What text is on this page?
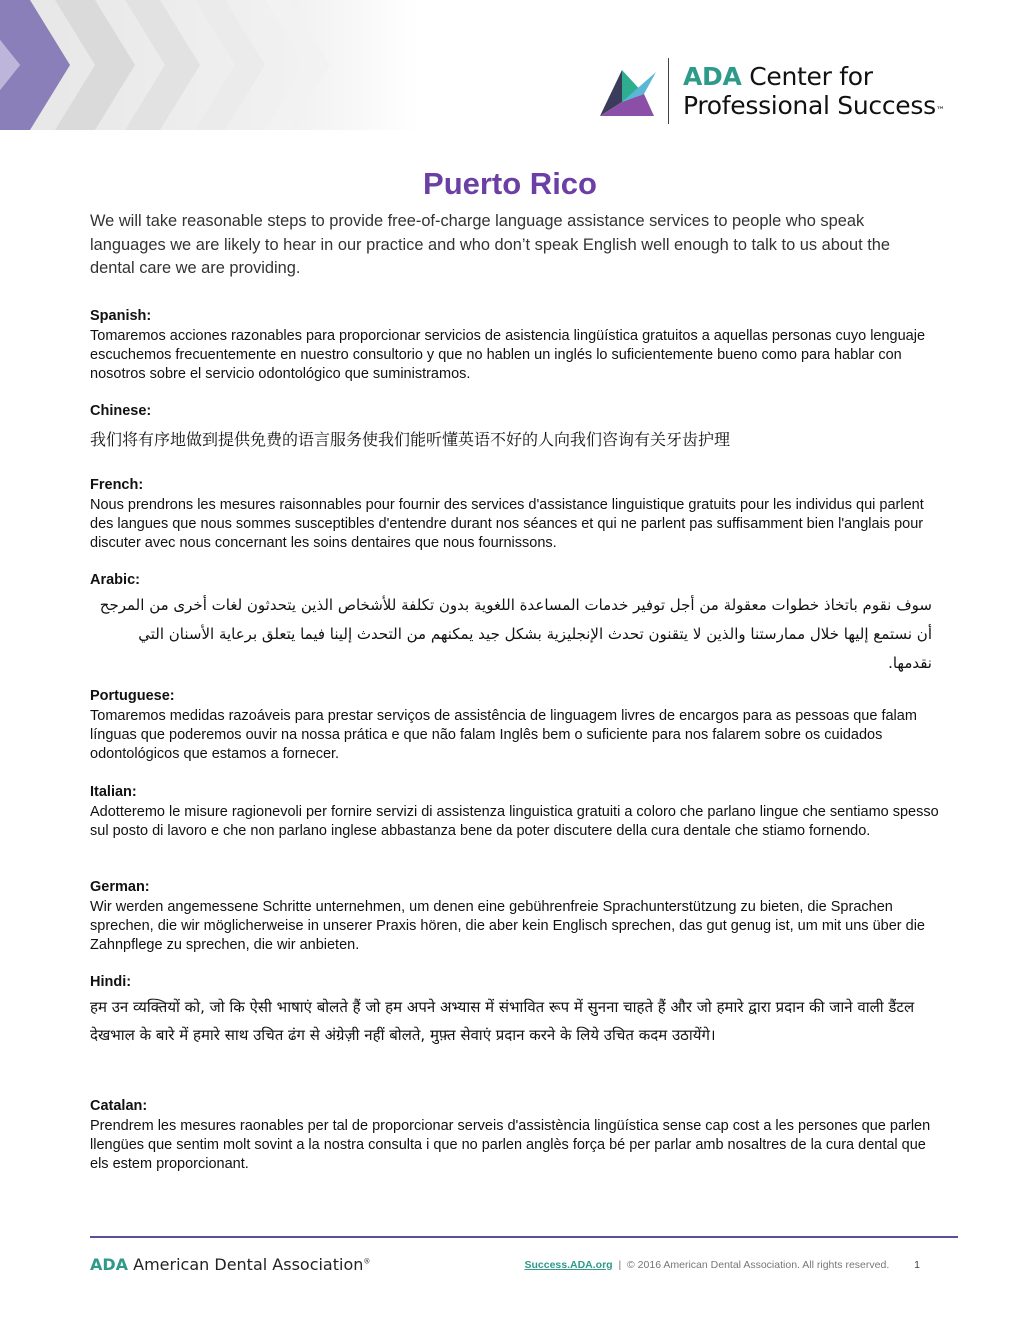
ADA Center for
Professional Success™
Puerto Rico

We will take reasonable steps to provide free-of-charge language assistance services to people who speak languages we are likely to hear in our practice and who don’t speak English well enough to talk to us about the dental care we are providing.

Spanish:
Tomaremos acciones razonables para proporcionar servicios de asistencia lingüística gratuitos a aquellas personas cuyo lenguaje escuchemos frecuentemente en nuestro consultorio y que no hablen un inglés lo suficientemente bueno como para hablar con nosotros sobre el servicio odontológico que suministramos.
Chinese:
我们将有序地做到提供免费的语言服务使我们能听懂英语不好的人向我们咨询有关牙齿护理
French:
Nous prendrons les mesures raisonnables pour fournir des services d'assistance linguistique gratuits pour les individus qui parlent des langues que nous sommes susceptibles d'entendre durant nos séances et qui ne parlent pas suffisamment bien l'anglais pour discuter avec nous concernant les soins dentaires que nous fournissons.
Arabic:
سوف نقوم باتخاذ خطوات معقولة من أجل توفير خدمات المساعدة اللغوية بدون تكلفة للأشخاص الذين يتحدثون لغات أخرى من المرجح أن نستمع إليها خلال ممارستنا والذين لا يتقنون تحدث الإنجليزية بشكل جيد يمكنهم من التحدث إلينا فيما يتعلق برعاية الأسنان التي نقدمها.
Portuguese:
Tomaremos medidas razoáveis para prestar serviços de assistência de linguagem livres de encargos para as pessoas que falam línguas que poderemos ouvir na nossa prática e que não falam Inglês bem o suficiente para nos falarem sobre os cuidados odontológicos que estamos a fornecer.
Italian:
Adotteremo le misure ragionevoli per fornire servizi di assistenza linguistica gratuiti a coloro che parlano lingue che sentiamo spesso sul posto di lavoro e che non parlano inglese abbastanza bene da poter discutere della cura dentale che stiamo fornendo.
German:
Wir werden angemessene Schritte unternehmen, um denen eine gebührenfreie Sprachunterstützung zu bieten, die Sprachen sprechen, die wir möglicherweise in unserer Praxis hören, die aber kein Englisch sprechen, das gut genug ist, um mit uns über die Zahnpflege zu sprechen, die wir anbieten.
Hindi:
हम उन व्यक्तियों को, जो कि ऐसी भाषाएं बोलते हैं जो हम अपने अभ्यास में संभावित रूप में सुनना चाहते हैं और जो हमारे द्वारा प्रदान की जाने वाली डैंटल देखभाल के बारे में हमारे साथ उचित ढंग से अंग्रेज़ी नहीं बोलते, मुफ़्त सेवाएं प्रदान करने के लिये उचित कदम उठायेंगे।
Catalan:
Prendrem les mesures raonables per tal de proporcionar serveis d'assistència lingüística sense cap cost a les persones que parlen llengües que sentim molt sovint a la nostra consulta i que no parlen anglès força bé per parlar amb nosaltres de la cura dental que els estem proporcionant.
ADA American Dental Association®	Success.ADA.org | © 2016 American Dental Association. All rights reserved. 1
